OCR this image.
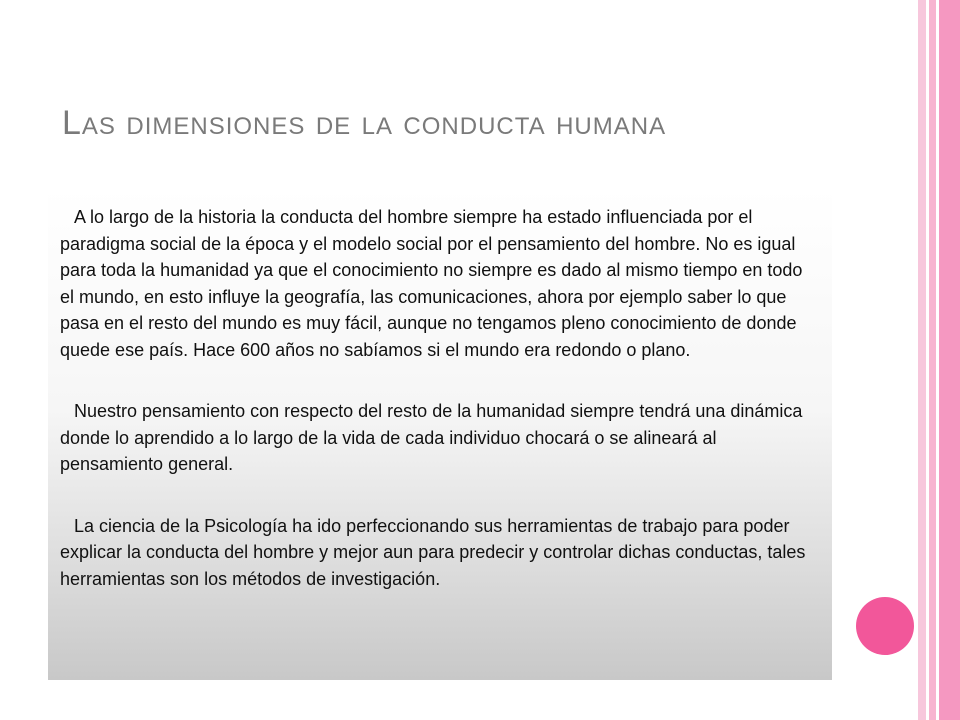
Las dimensiones de la conducta humana

A lo largo de la historia la conducta del hombre siempre ha estado influenciada por el paradigma social de la época y el modelo social por el pensamiento del hombre. No es igual para toda la humanidad ya que el conocimiento no siempre es dado al mismo tiempo en todo el mundo, en esto influye la geografía, las comunicaciones, ahora por ejemplo saber lo que pasa en el resto del mundo es muy fácil, aunque no tengamos pleno conocimiento de donde quede ese país. Hace 600 años no sabíamos si el mundo era redondo o plano.

Nuestro pensamiento con respecto del resto de la humanidad siempre tendrá una dinámica donde lo aprendido a lo largo de la vida de cada individuo chocará o se alineará al pensamiento general.

La ciencia de la Psicología ha ido perfeccionando sus herramientas de trabajo para poder explicar la conducta del hombre y mejor aun para predecir y controlar dichas conductas, tales herramientas son los métodos de investigación.
